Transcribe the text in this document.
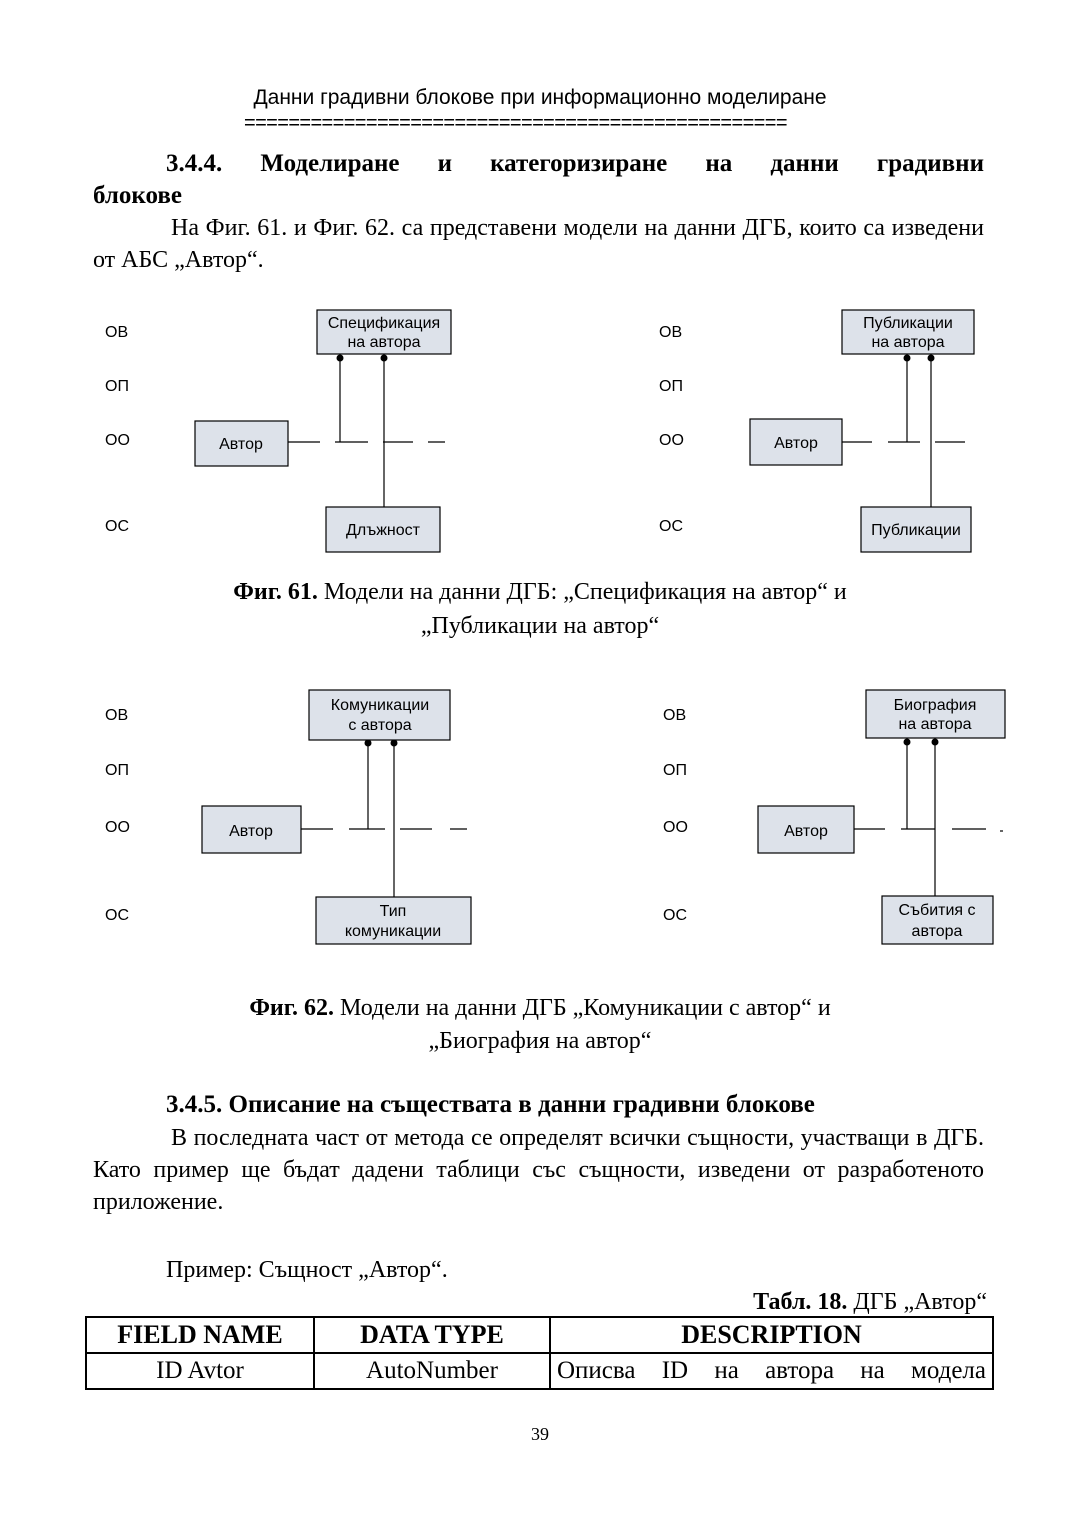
Данни градивни блокове при информационно моделиране
=================================================
3.4.4. Моделиране и категоризиране на данни градивни
блокове
На Фиг. 61. и Фиг. 62. са представени модели на данни ДГБ, които са изведени от АБС „Автор“.
ОВ
ОП
ОО
ОС
ОВ
ОП
ОО
ОС
ОВ
ОП
ОО
ОС
ОВ
ОП
ОО
ОС
Автор
Спецификация
на автора
Длъжност
Автор
Публикации
на автора
Публикации
Автор
Комуникации
с автора
Тип
комуникации
Автор
Биография
на автора
Събития с
автора
Фиг. 61. Модели на данни ДГБ: „Спецификация на автор“ и
„Публикации на автор“
Фиг. 62. Модели на данни ДГБ „Комуникации с автор“ и
„Биография на автор“
3.4.5. Описание на съществата в данни градивни блокове
В последната част от метода се определят всички същности, участващи в ДГБ. Като пример ще бъдат дадени таблици със същности, изведени от разработеното приложение.
Пример: Същност „Автор“.
Табл. 18. ДГБ „Автор“
FIELD NAME	DATA TYPE	DESCRIPTION
ID Avtor	AutoNumber	Описва ID на автора на модела
39
